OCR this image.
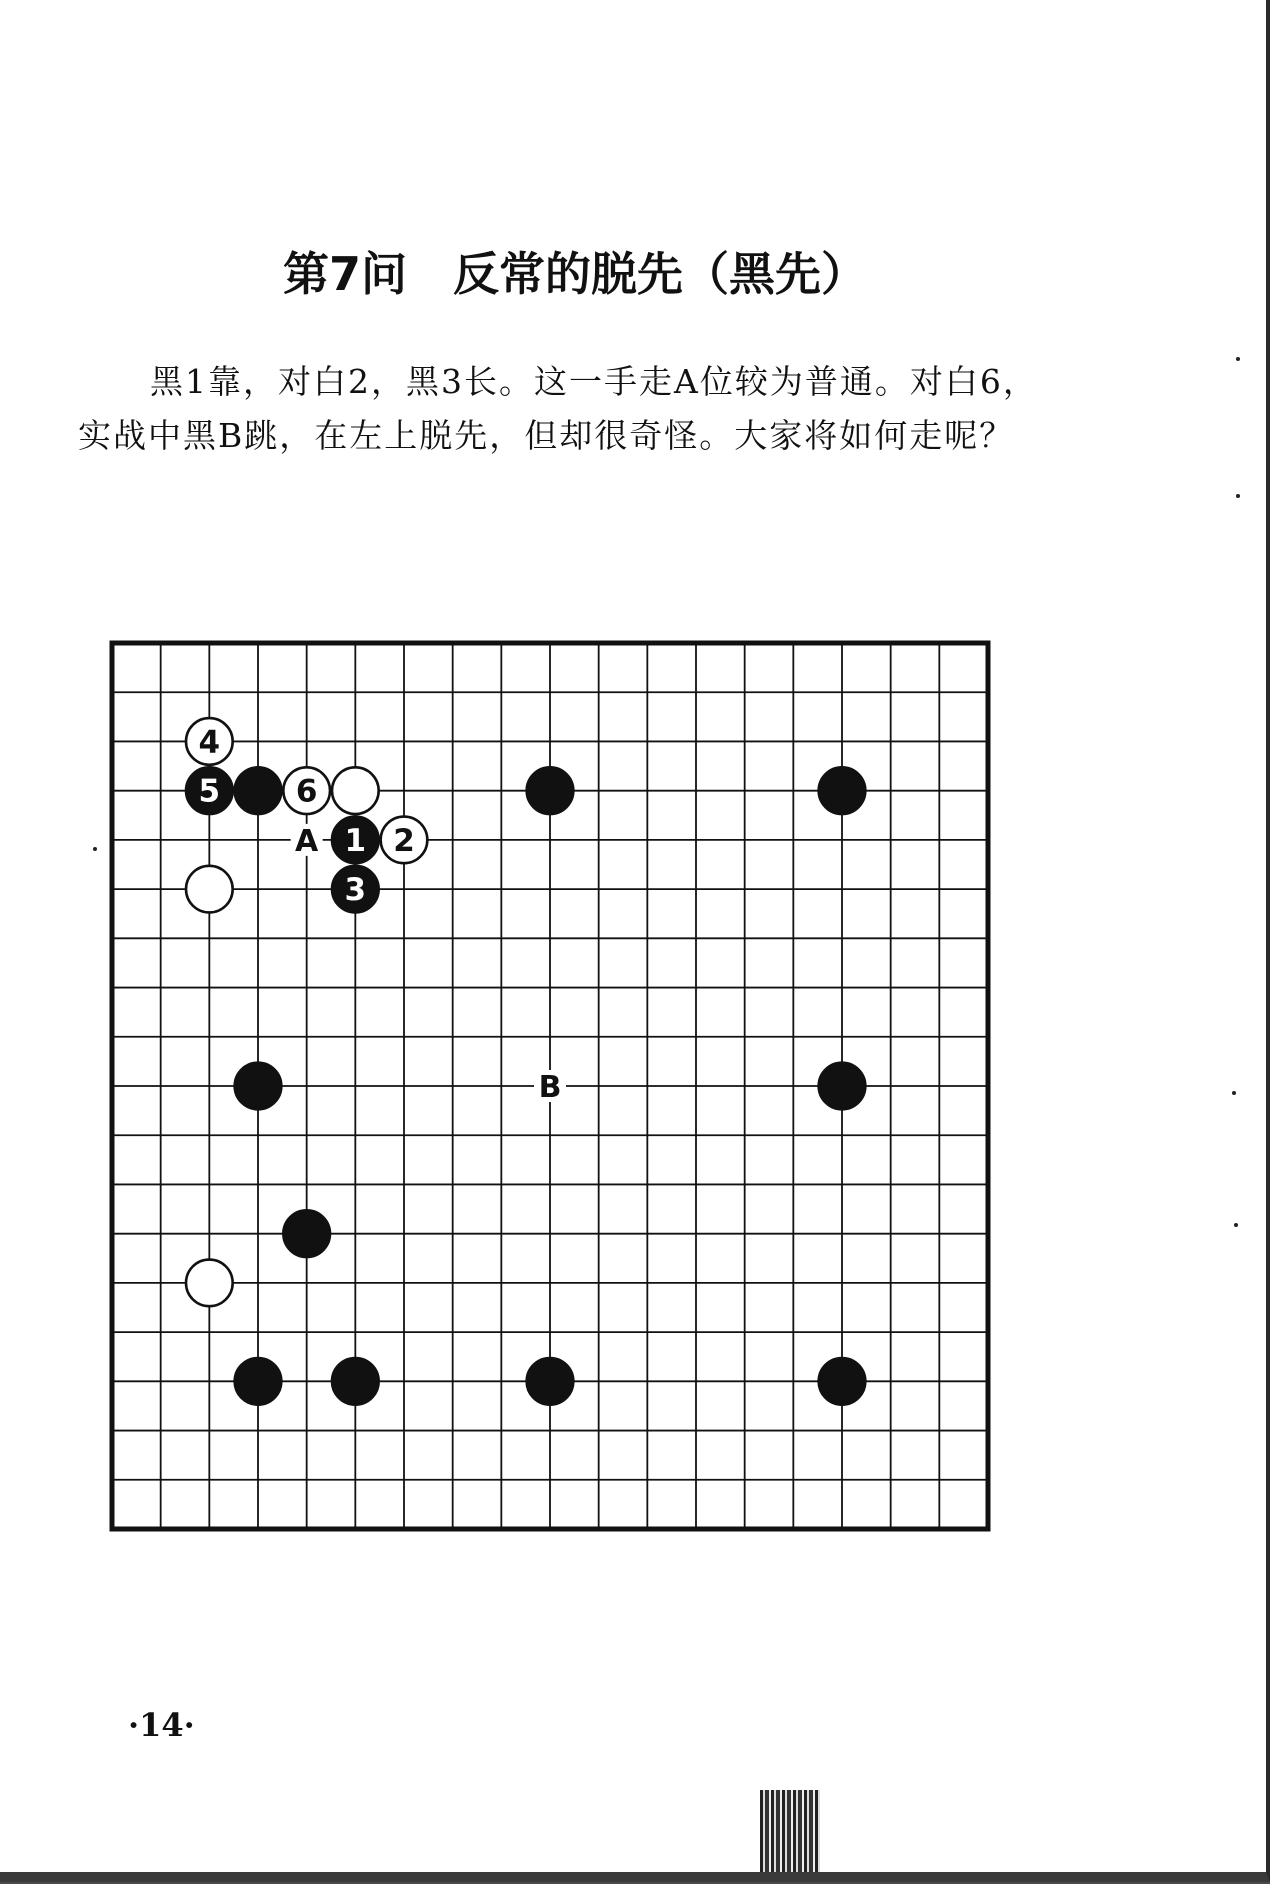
第7问　反常的脱先（黑先）
黑1靠，对白2，黑3长。这一手走A位较为普通。对白6，实战中黑B跳，在左上脱先，但却很奇怪。大家将如何走呢？
A
B
4
5 6
1 2
3
·14·
